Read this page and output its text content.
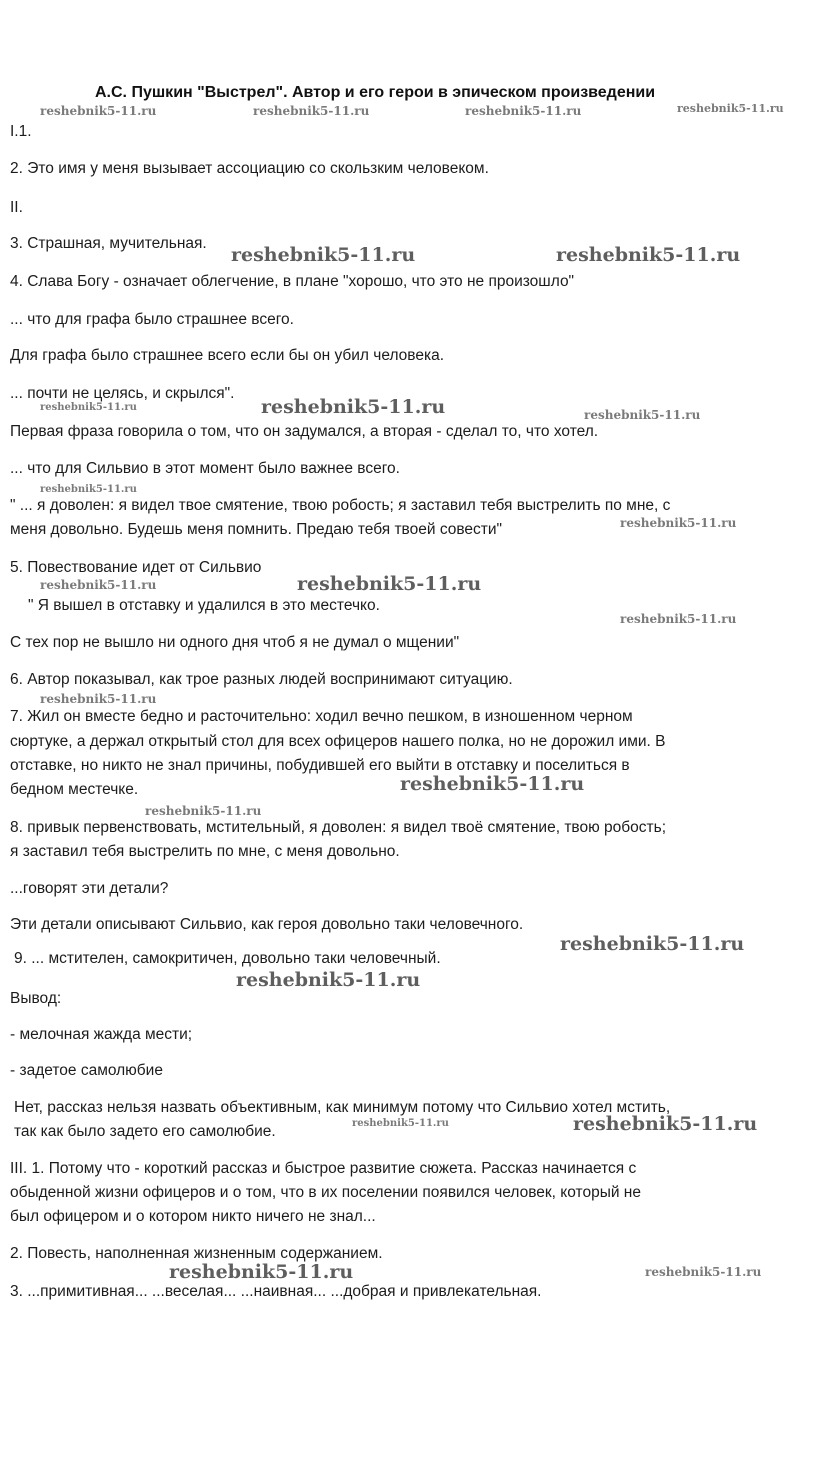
А.С. Пушкин "Выстрел". Автор и его герои в эпическом произведении
I.1.
2. Это имя у меня вызывает ассоциацию со скользким человеком.
II.
3. Страшная, мучительная.
4. Слава Богу - означает облегчение, в плане "хорошо, что это не произошло"
... что для графа было страшнее всего.
Для графа было страшнее всего если бы он убил человека.
... почти не целясь, и скрылся".
Первая фраза говорила о том, что он задумался, а вторая - сделал то, что хотел.
... что для Сильвио в этот момент было важнее всего.
" ... я доволен: я видел твое смятение, твою робость; я заставил тебя выстрелить по мне, с
меня довольно. Будешь меня помнить. Предаю тебя твоей совести"
5. Повествование идет от Сильвио
" Я вышел в отставку и удалился в это местечко.
С тех пор не вышло ни одного дня чтоб я не думал о мщении"
6. Автор показывал, как трое разных людей воспринимают ситуацию.
7. Жил он вместе бедно и расточительно: ходил вечно пешком, в изношенном черном
сюртуке, а держал открытый стол для всех офицеров нашего полка, но не дорожил ими. В
отставке, но никто не знал причины, побудившей его выйти в отставку и поселиться в
бедном местечке.
8. привык первенствовать, мстительный, я доволен: я видел твоё смятение, твою робость;
я заставил тебя выстрелить по мне, с меня довольно.
...говорят эти детали?
Эти детали описывают Сильвио, как героя довольно таки человечного.
9. ... мстителен, самокритичен, довольно таки человечный.
Вывод:
- мелочная жажда мести;
- задетое самолюбие
Нет, рассказ нельзя назвать объективным, как минимум потому что Сильвио хотел мстить,
так как было задето его самолюбие.
III. 1. Потому что - короткий рассказ и быстрое развитие сюжета. Рассказ начинается с
обыденной жизни офицеров и о том, что в их поселении появился человек, который не
был офицером и о котором никто ничего не знал...
2. Повесть, наполненная жизненным содержанием.
3. ...примитивная... ...веселая... ...наивная... ...добрая и привлекательная.
reshebnik5-11.ru	reshebnik5-11.ru	reshebnik5-11.ru	reshebnik5-11.ru
reshebnik5-11.ru	reshebnik5-11.ru
reshebnik5-11.ru	reshebnik5-11.ru	reshebnik5-11.ru
reshebnik5-11.ru
reshebnik5-11.ru
reshebnik5-11.ru	reshebnik5-11.ru
reshebnik5-11.ru
reshebnik5-11.ru
reshebnik5-11.ru
reshebnik5-11.ru
reshebnik5-11.ru
reshebnik5-11.ru
reshebnik5-11.ru	reshebnik5-11.ru
reshebnik5-11.ru	reshebnik5-11.ru
